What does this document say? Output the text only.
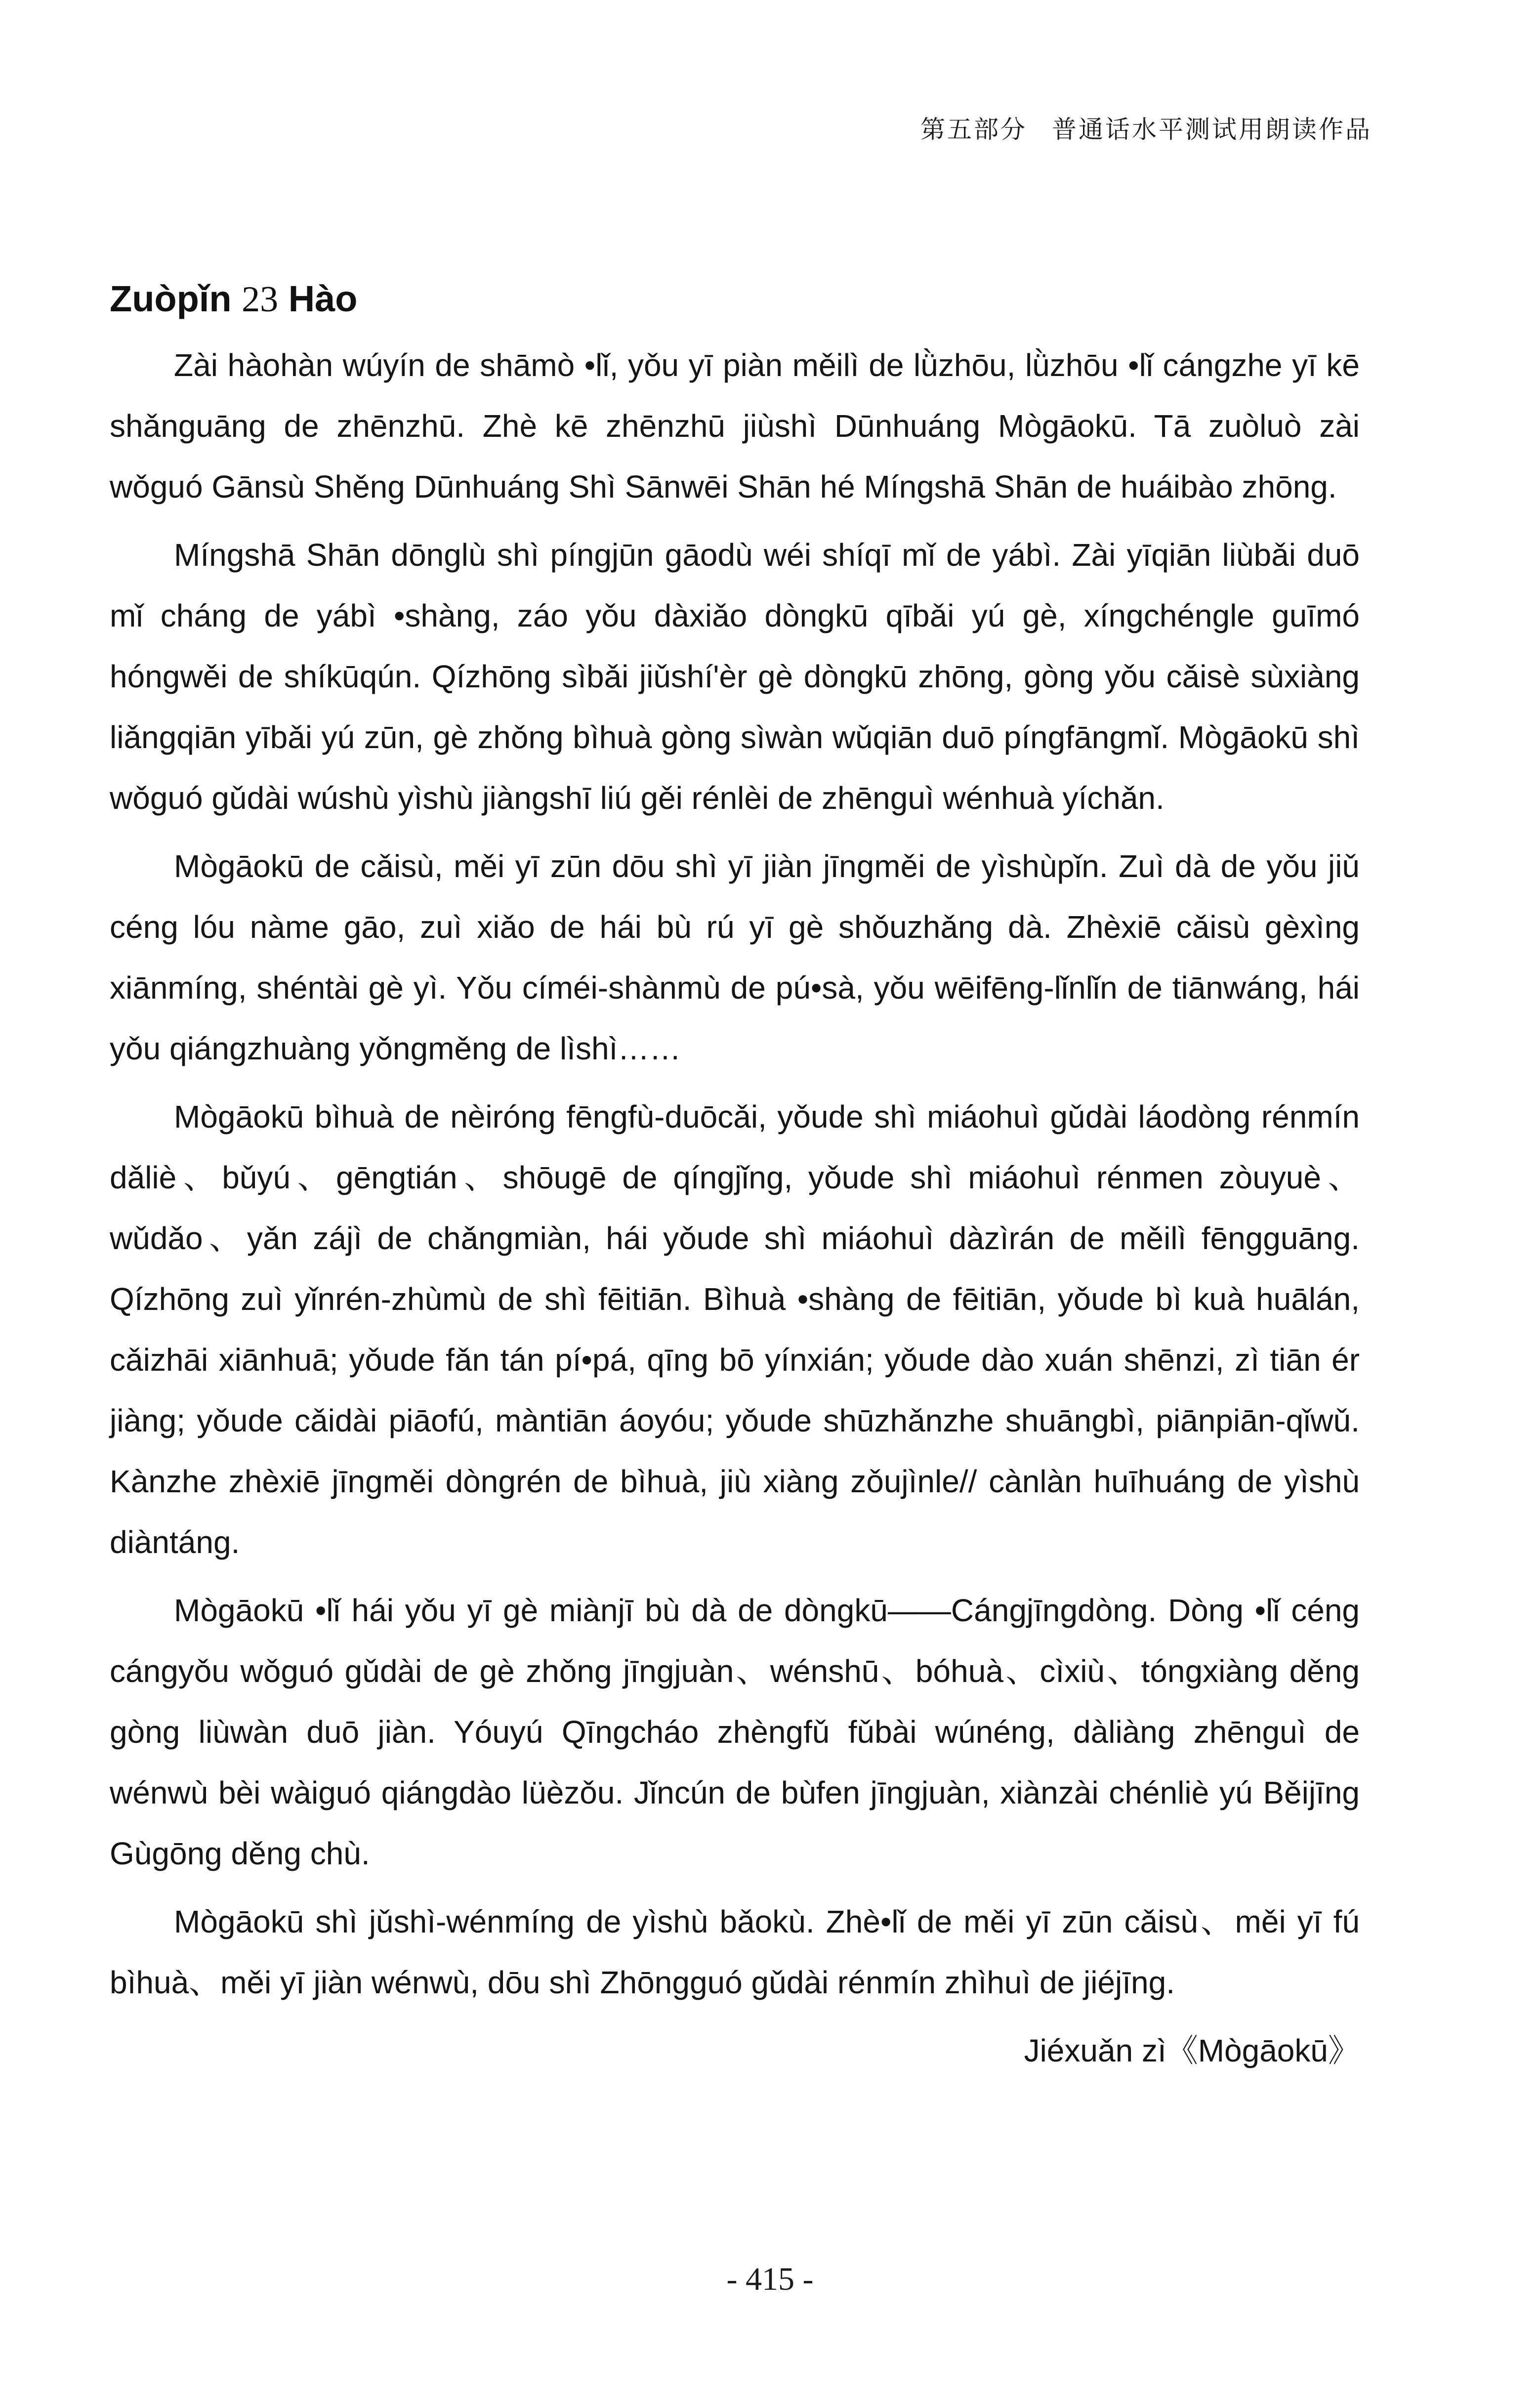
第五部分 普通话水平测试用朗读作品
Zuòpǐn 23 Hào

Zài hàohàn wúyín de shāmò •lǐ, yǒu yī piàn měilì de lǜzhōu, lǜzhōu •lǐ cángzhe yī kē shǎnguāng de zhēnzhū. Zhè kē zhēnzhū jiùshì Dūnhuáng Mògāokū. Tā zuòluò zài wǒguó Gānsù Shěng Dūnhuáng Shì Sānwēi Shān hé Míngshā Shān de huáibào zhōng.

Míngshā Shān dōnglù shì píngjūn gāodù wéi shíqī mǐ de yábì. Zài yīqiān liùbǎi duō mǐ cháng de yábì •shàng, záo yǒu dàxiǎo dòngkū qībǎi yú gè, xíngchéngle guīmó hóngwěi de shíkūqún. Qízhōng sìbǎi jiǔshí'èr gè dòngkū zhōng, gòng yǒu cǎisè sùxiàng liǎngqiān yībǎi yú zūn, gè zhǒng bìhuà gòng sìwàn wǔqiān duō píngfāngmǐ. Mògāokū shì wǒguó gǔdài wúshù yìshù jiàngshī liú gěi rénlèi de zhēnguì wénhuà yíchǎn.

Mògāokū de cǎisù, měi yī zūn dōu shì yī jiàn jīngměi de yìshùpǐn. Zuì dà de yǒu jiǔ céng lóu nàme gāo, zuì xiǎo de hái bù rú yī gè shǒuzhǎng dà. Zhèxiē cǎisù gèxìng xiānmíng, shéntài gè yì. Yǒu címéi-shànmù de pú•sà, yǒu wēifēng-lǐnlǐn de tiānwáng, hái yǒu qiángzhuàng yǒngměng de lìshì……

Mògāokū bìhuà de nèiróng fēngfù-duōcǎi, yǒude shì miáohuì gǔdài láodòng rénmín dǎliè、bǔyú、gēngtián、shōugē de qíngjǐng, yǒude shì miáohuì rénmen zòuyuè、wǔdǎo、yǎn zájì de chǎngmiàn, hái yǒude shì miáohuì dàzìrán de měilì fēngguāng. Qízhōng zuì yǐnrén-zhùmù de shì fēitiān. Bìhuà •shàng de fēitiān, yǒude bì kuà huālán, cǎizhāi xiānhuā; yǒude fǎn tán pí•pá, qīng bō yínxián; yǒude dào xuán shēnzi, zì tiān ér jiàng; yǒude cǎidài piāofú, màntiān áoyóu; yǒude shūzhǎnzhe shuāngbì, piānpiān-qǐwǔ. Kànzhe zhèxiē jīngměi dòngrén de bìhuà, jiù xiàng zǒujìnle// cànlàn huīhuáng de yìshù diàntáng.

Mògāokū •lǐ hái yǒu yī gè miànjī bù dà de dòngkū——Cángjīngdòng. Dòng •lǐ céng cángyǒu wǒguó gǔdài de gè zhǒng jīngjuàn、wénshū、bóhuà、cìxiù、tóngxiàng děng gòng liùwàn duō jiàn. Yóuyú Qīngcháo zhèngfǔ fǔbài wúnéng, dàliàng zhēnguì de wénwù bèi wàiguó qiángdào lüèzǒu. Jǐncún de bùfen jīngjuàn, xiànzài chénliè yú Běijīng Gùgōng děng chù.

Mògāokū shì jǔshì-wénmíng de yìshù bǎokù. Zhè•lǐ de měi yī zūn cǎisù、měi yī fú bìhuà、měi yī jiàn wénwù, dōu shì Zhōngguó gǔdài rénmín zhìhuì de jiéjīng.

Jiéxuǎn zì《Mògāokū》

- 415 -
